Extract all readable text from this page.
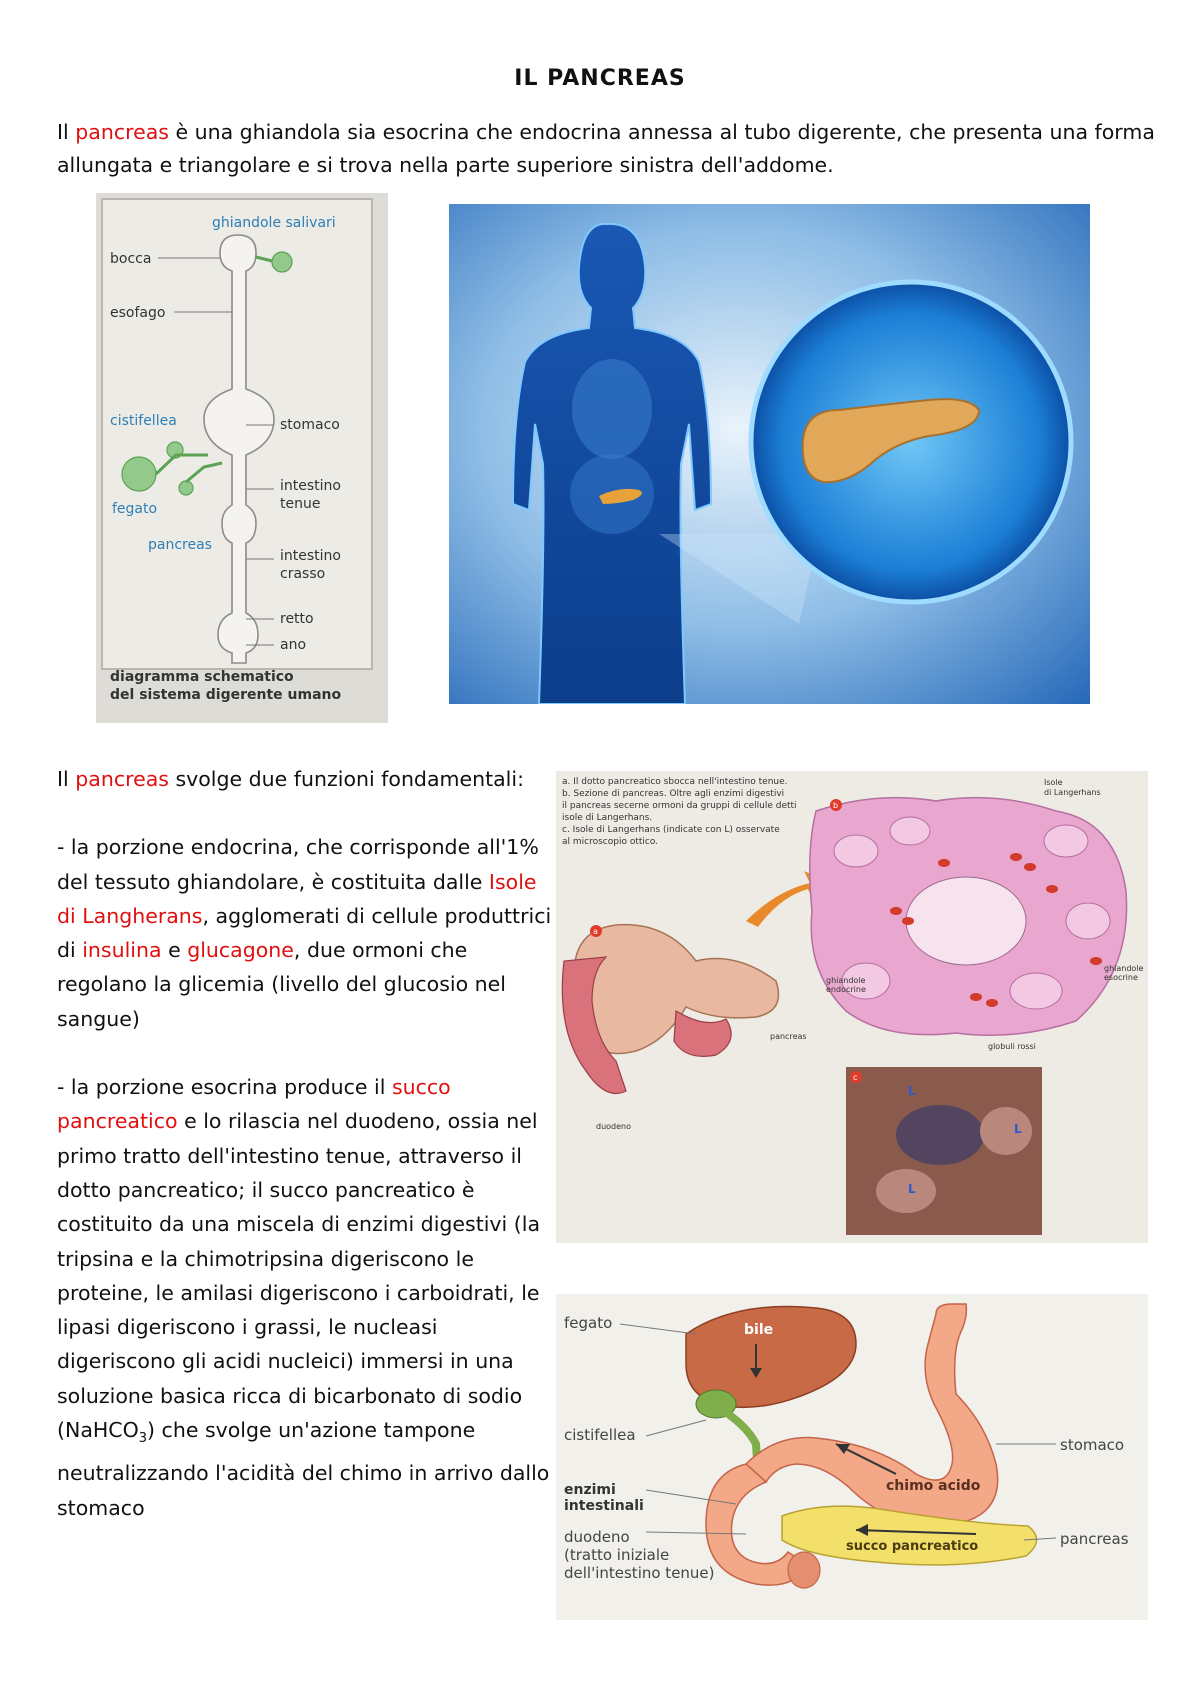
IL PANCREAS
Il pancreas è una ghiandola sia esocrina che endocrina annessa al tubo digerente, che presenta una forma allungata e triangolare e si trova nella parte superiore sinistra dell'addome.
ghiandole salivari
bocca
esofago
cistifellea	stomaco
intestino
tenue
fegato
pancreas
intestino
crasso
retto
ano
diagramma schematico
del sistema digerente umano

Il pancreas svolge due funzioni fondamentali:

- la porzione endocrina, che corrisponde all'1% del tessuto ghiandolare, è costituita dalle Isole di Langherans, agglomerati di cellule produttrici di insulina e glucagone, due ormoni che regolano la glicemia (livello del glucosio nel sangue)

- la porzione esocrina produce il succo pancreatico e lo rilascia nel duodeno, ossia nel primo tratto dell'intestino tenue, attraverso il dotto pancreatico; il succo pancreatico è costituito da una miscela di enzimi digestivi (la tripsina e la chimotripsina digeriscono le proteine, le amilasi digeriscono i carboidrati, le lipasi digeriscono i grassi, le nucleasi digeriscono gli acidi nucleici) immersi in una soluzione basica ricca di bicarbonato di sodio (NaHCO$_3$) che svolge un'azione tampone neutralizzando l'acidità del chimo in arrivo dallo stomaco

a. Il dotto pancreatico sbocca nell'intestino tenue.
b. Sezione di pancreas. Oltre agli enzimi digestivi
il pancreas secerne ormoni da gruppi di cellule detti
isole di Langerhans.
c. Isole di Langerhans (indicate con L) osservate
al microscopio ottico.
Isole
di Langerhans
ghiandole
endocrine
ghiandole
esocrine
globuli rossi
pancreas
duodeno
L
L
L
b
a
c
fegato
cistifellea
stomaco
pancreas
duodeno
(tratto iniziale
dell'intestino tenue)
enzimi
intestinali
bile
chimo acido
succo pancreatico
